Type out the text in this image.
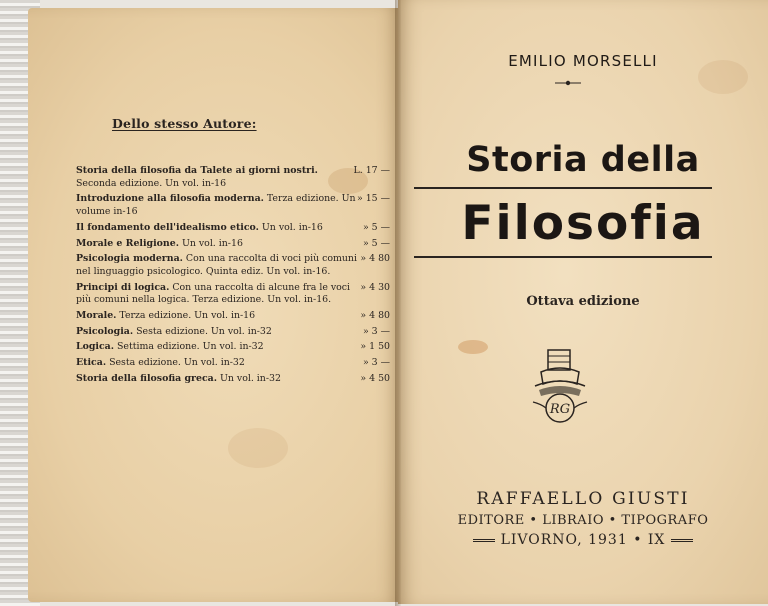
Dello stesso Autore:
L. 17 —
Storia della filosofia da Talete ai giorni nostri. Seconda edizione. Un vol. in-16
» 15 —
Introduzione alla filosofia moderna. Terza edizione. Un volume in-16
» 5 —
Il fondamento dell'idealismo etico. Un vol. in-16
» 5 —
Morale e Religione. Un vol. in-16
» 4 80
Psicologia moderna. Con una raccolta di voci più comuni nel linguaggio psicologico. Quinta ediz. Un vol. in-16.
» 4 30
Principi di logica. Con una raccolta di alcune fra le voci più comuni nella logica. Terza edizione. Un vol. in-16.
» 4 80
Morale. Terza edizione. Un vol. in-16
» 3 —
Psicologia. Sesta edizione. Un vol. in-32
» 1 50
Logica. Settima edizione. Un vol. in-32
» 3 —
Etica. Sesta edizione. Un vol. in-32
» 4 50
Storia della filosofia greca. Un vol. in-32
EMILIO MORSELLI
Storia della
Filosofia
Ottava edizione
RG
RAFFAELLO GIUSTI
EDITORE • LIBRAIO • TIPOGRAFO
LIVORNO, 1931 • IX
